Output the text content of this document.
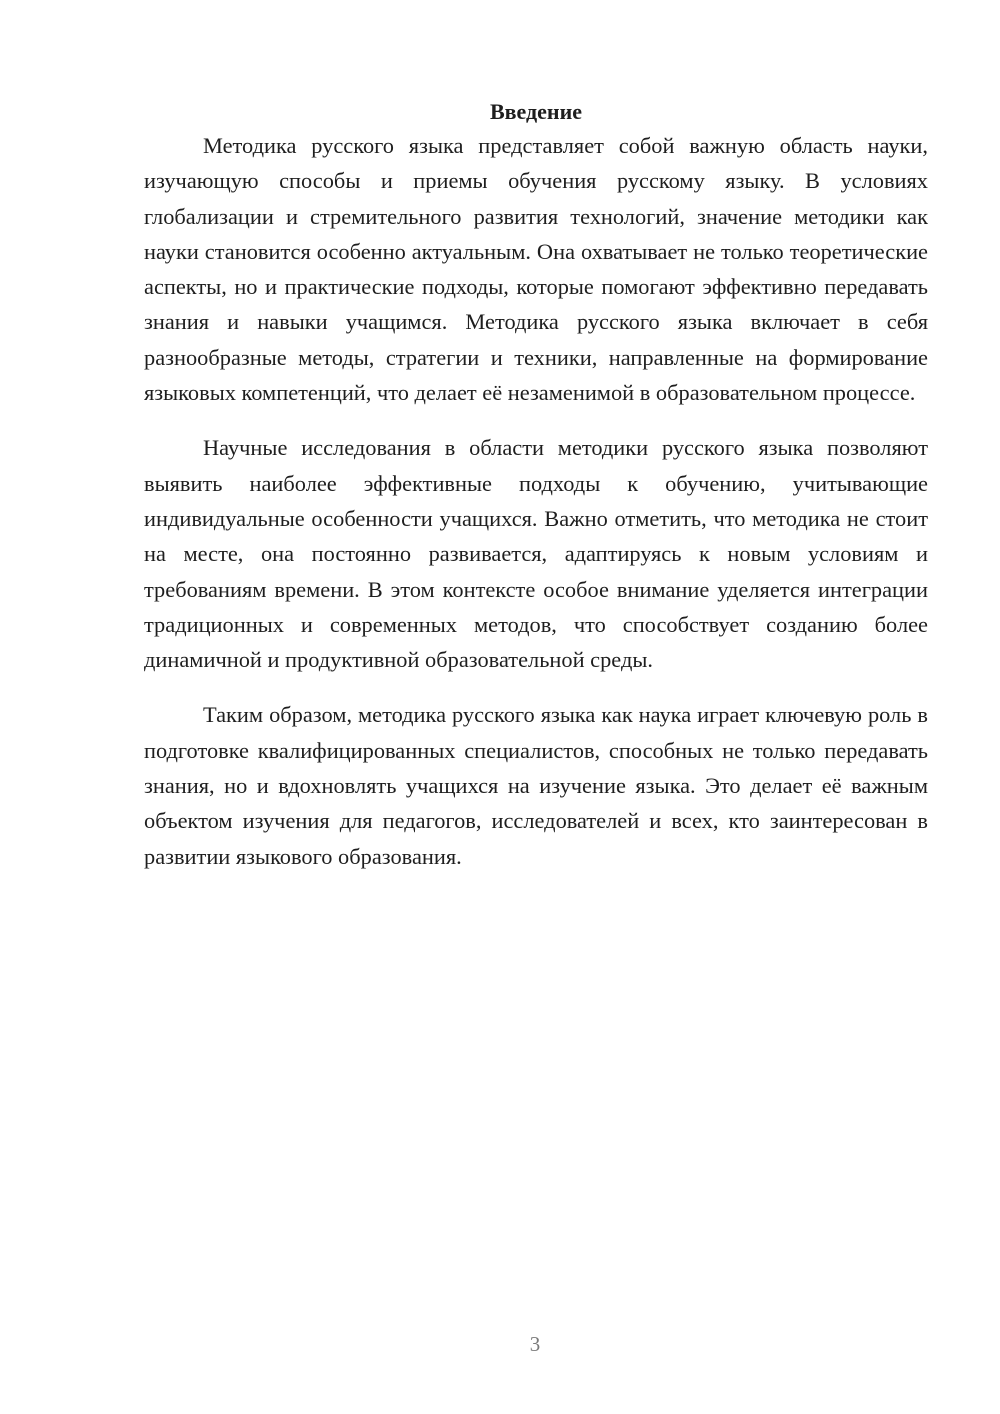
Введение

Методика русского языка представляет собой важную область науки, изучающую способы и приемы обучения русскому языку. В условиях глобализации и стремительного развития технологий, значение методики как науки становится особенно актуальным. Она охватывает не только теоретические аспекты, но и практические подходы, которые помогают эффективно передавать знания и навыки учащимся. Методика русского языка включает в себя разнообразные методы, стратегии и техники, направленные на формирование языковых компетенций, что делает её незаменимой в образовательном процессе.

Научные исследования в области методики русского языка позволяют выявить наиболее эффективные подходы к обучению, учитывающие индивидуальные особенности учащихся. Важно отметить, что методика не стоит на месте, она постоянно развивается, адаптируясь к новым условиям и требованиям времени. В этом контексте особое внимание уделяется интеграции традиционных и современных методов, что способствует созданию более динамичной и продуктивной образовательной среды.

Таким образом, методика русского языка как наука играет ключевую роль в подготовке квалифицированных специалистов, способных не только передавать знания, но и вдохновлять учащихся на изучение языка. Это делает её важным объектом изучения для педагогов, исследователей и всех, кто заинтересован в развитии языкового образования.

3
